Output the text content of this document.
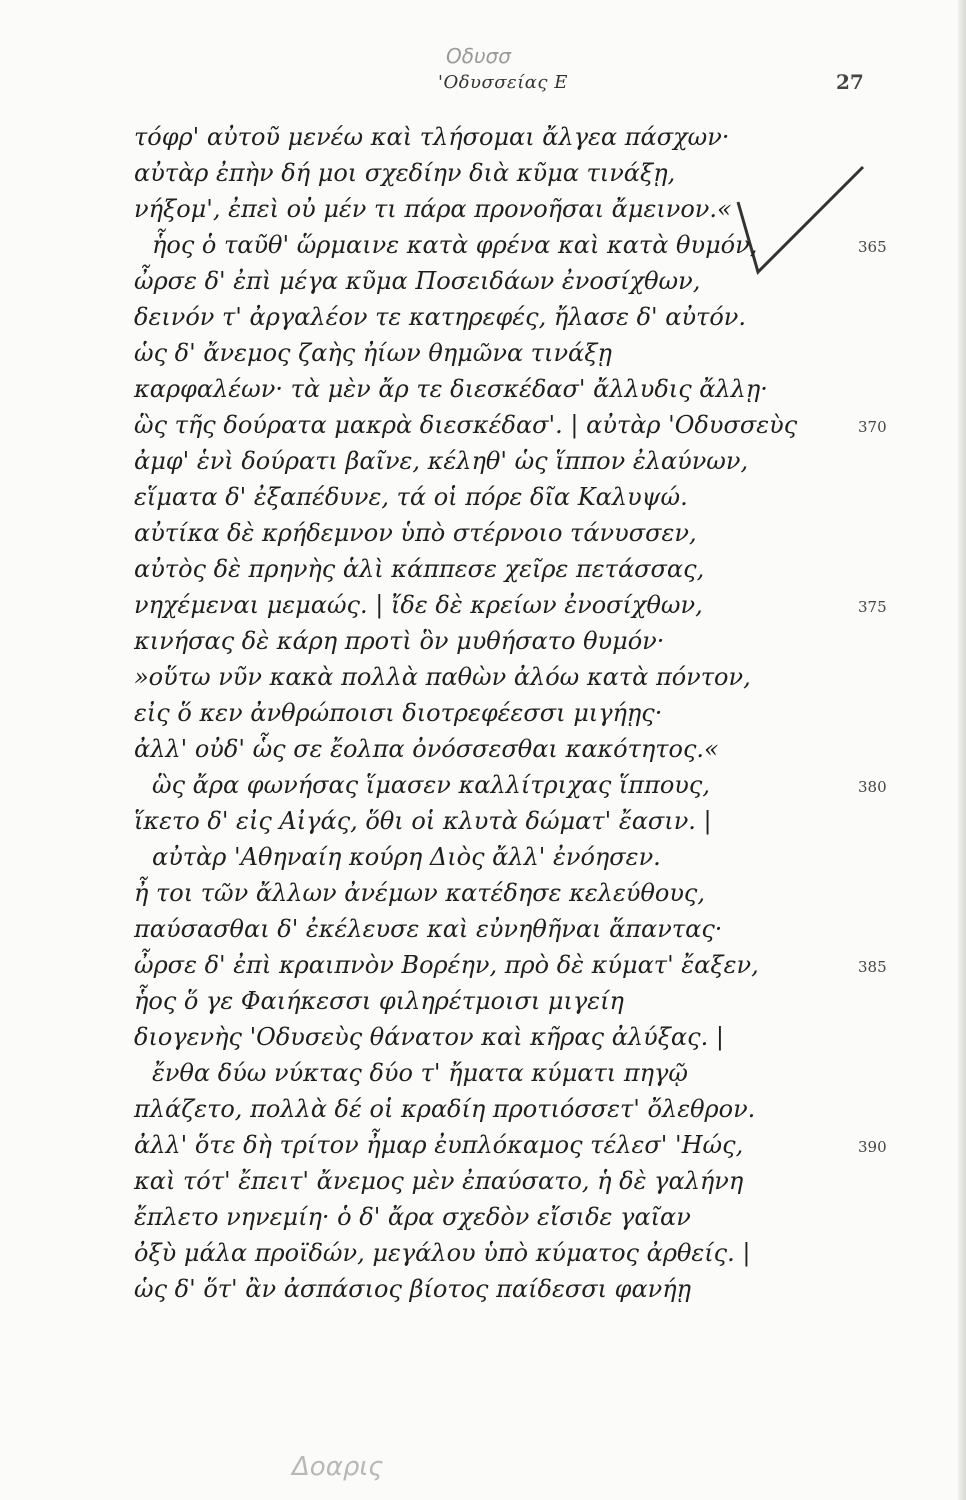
Οδυσσ
'Οδυσσείας Ε	27
τόφρ' αὐτοῦ μενέω καὶ τλήσομαι ἄλγεα πάσχων·
αὐτὰρ ἐπὴν δή μοι σχεδίην διὰ κῦμα τινάξῃ,
νήξομ', ἐπεὶ οὐ μέν τι πάρα προνοῆσαι ἄμεινον.«
ἧος ὁ ταῦθ' ὥρμαινε κατὰ φρένα καὶ κατὰ θυμόν,
ὦρσε δ' ἐπὶ μέγα κῦμα Ποσειδάων ἐνοσίχθων,
δεινόν τ' ἀργαλέον τε κατηρεφές, ἤλασε δ' αὐτόν.
ὡς δ' ἄνεμος ζαὴς ἠίων θημῶνα τινάξῃ
καρφαλέων· τὰ μὲν ἄρ τε διεσκέδασ' ἄλλυδις ἄλλῃ·
ὣς τῆς δούρατα μακρὰ διεσκέδασ'. | αὐτὰρ 'Οδυσσεὺς
ἀμφ' ἑνὶ δούρατι βαῖνε, κέληθ' ὡς ἵππον ἐλαύνων,
εἵματα δ' ἐξαπέδυνε, τά οἱ πόρε δῖα Καλυψώ.
αὐτίκα δὲ κρήδεμνον ὑπὸ στέρνοιο τάνυσσεν,
αὐτὸς δὲ πρηνὴς ἁλὶ κάππεσε χεῖρε πετάσσας,
νηχέμεναι μεμαώς. | ἴδε δὲ κρείων ἐνοσίχθων,
κινήσας δὲ κάρη προτὶ ὃν μυθήσατο θυμόν·
»οὕτω νῦν κακὰ πολλὰ παθὼν ἀλόω κατὰ πόντον,
εἰς ὅ κεν ἀνθρώποισι διοτρεφέεσσι μιγήῃς·
ἀλλ' οὐδ' ὧς σε ἔολπα ὀνόσσεσθαι κακότητος.«
ὣς ἄρα φωνήσας ἵμασεν καλλίτριχας ἵππους,
ἵκετο δ' εἰς Αἰγάς, ὅθι οἱ κλυτὰ δώματ' ἔασιν. |
αὐτὰρ 'Αθηναίη κούρη Διὸς ἄλλ' ἐνόησεν.
ἦ τοι τῶν ἄλλων ἀνέμων κατέδησε κελεύθους,
παύσασθαι δ' ἐκέλευσε καὶ εὐνηθῆναι ἅπαντας·
ὦρσε δ' ἐπὶ κραιπνὸν Βορέην, πρὸ δὲ κύματ' ἔαξεν,
ἧος ὅ γε Φαιήκεσσι φιληρέτμοισι μιγείη
διογενὴς 'Οδυσεὺς θάνατον καὶ κῆρας ἀλύξας. |
ἔνθα δύω νύκτας δύο τ' ἤματα κύματι πηγῷ
πλάζετο, πολλὰ δέ οἱ κραδίη προτιόσσετ' ὄλεθρον.
ἀλλ' ὅτε δὴ τρίτον ἦμαρ ἐυπλόκαμος τέλεσ' 'Ηώς,
καὶ τότ' ἔπειτ' ἄνεμος μὲν ἐπαύσατο, ἡ δὲ γαλήνη
ἔπλετο νηνεμίη· ὁ δ' ἄρα σχεδὸν εἴσιδε γαῖαν
ὀξὺ μάλα προϊδών, μεγάλου ὑπὸ κύματος ἀρθείς. |
ὡς δ' ὅτ' ἂν ἀσπάσιος βίοτος παίδεσσι φανήῃ
365
370
375
380
385
390
Δοαρις
